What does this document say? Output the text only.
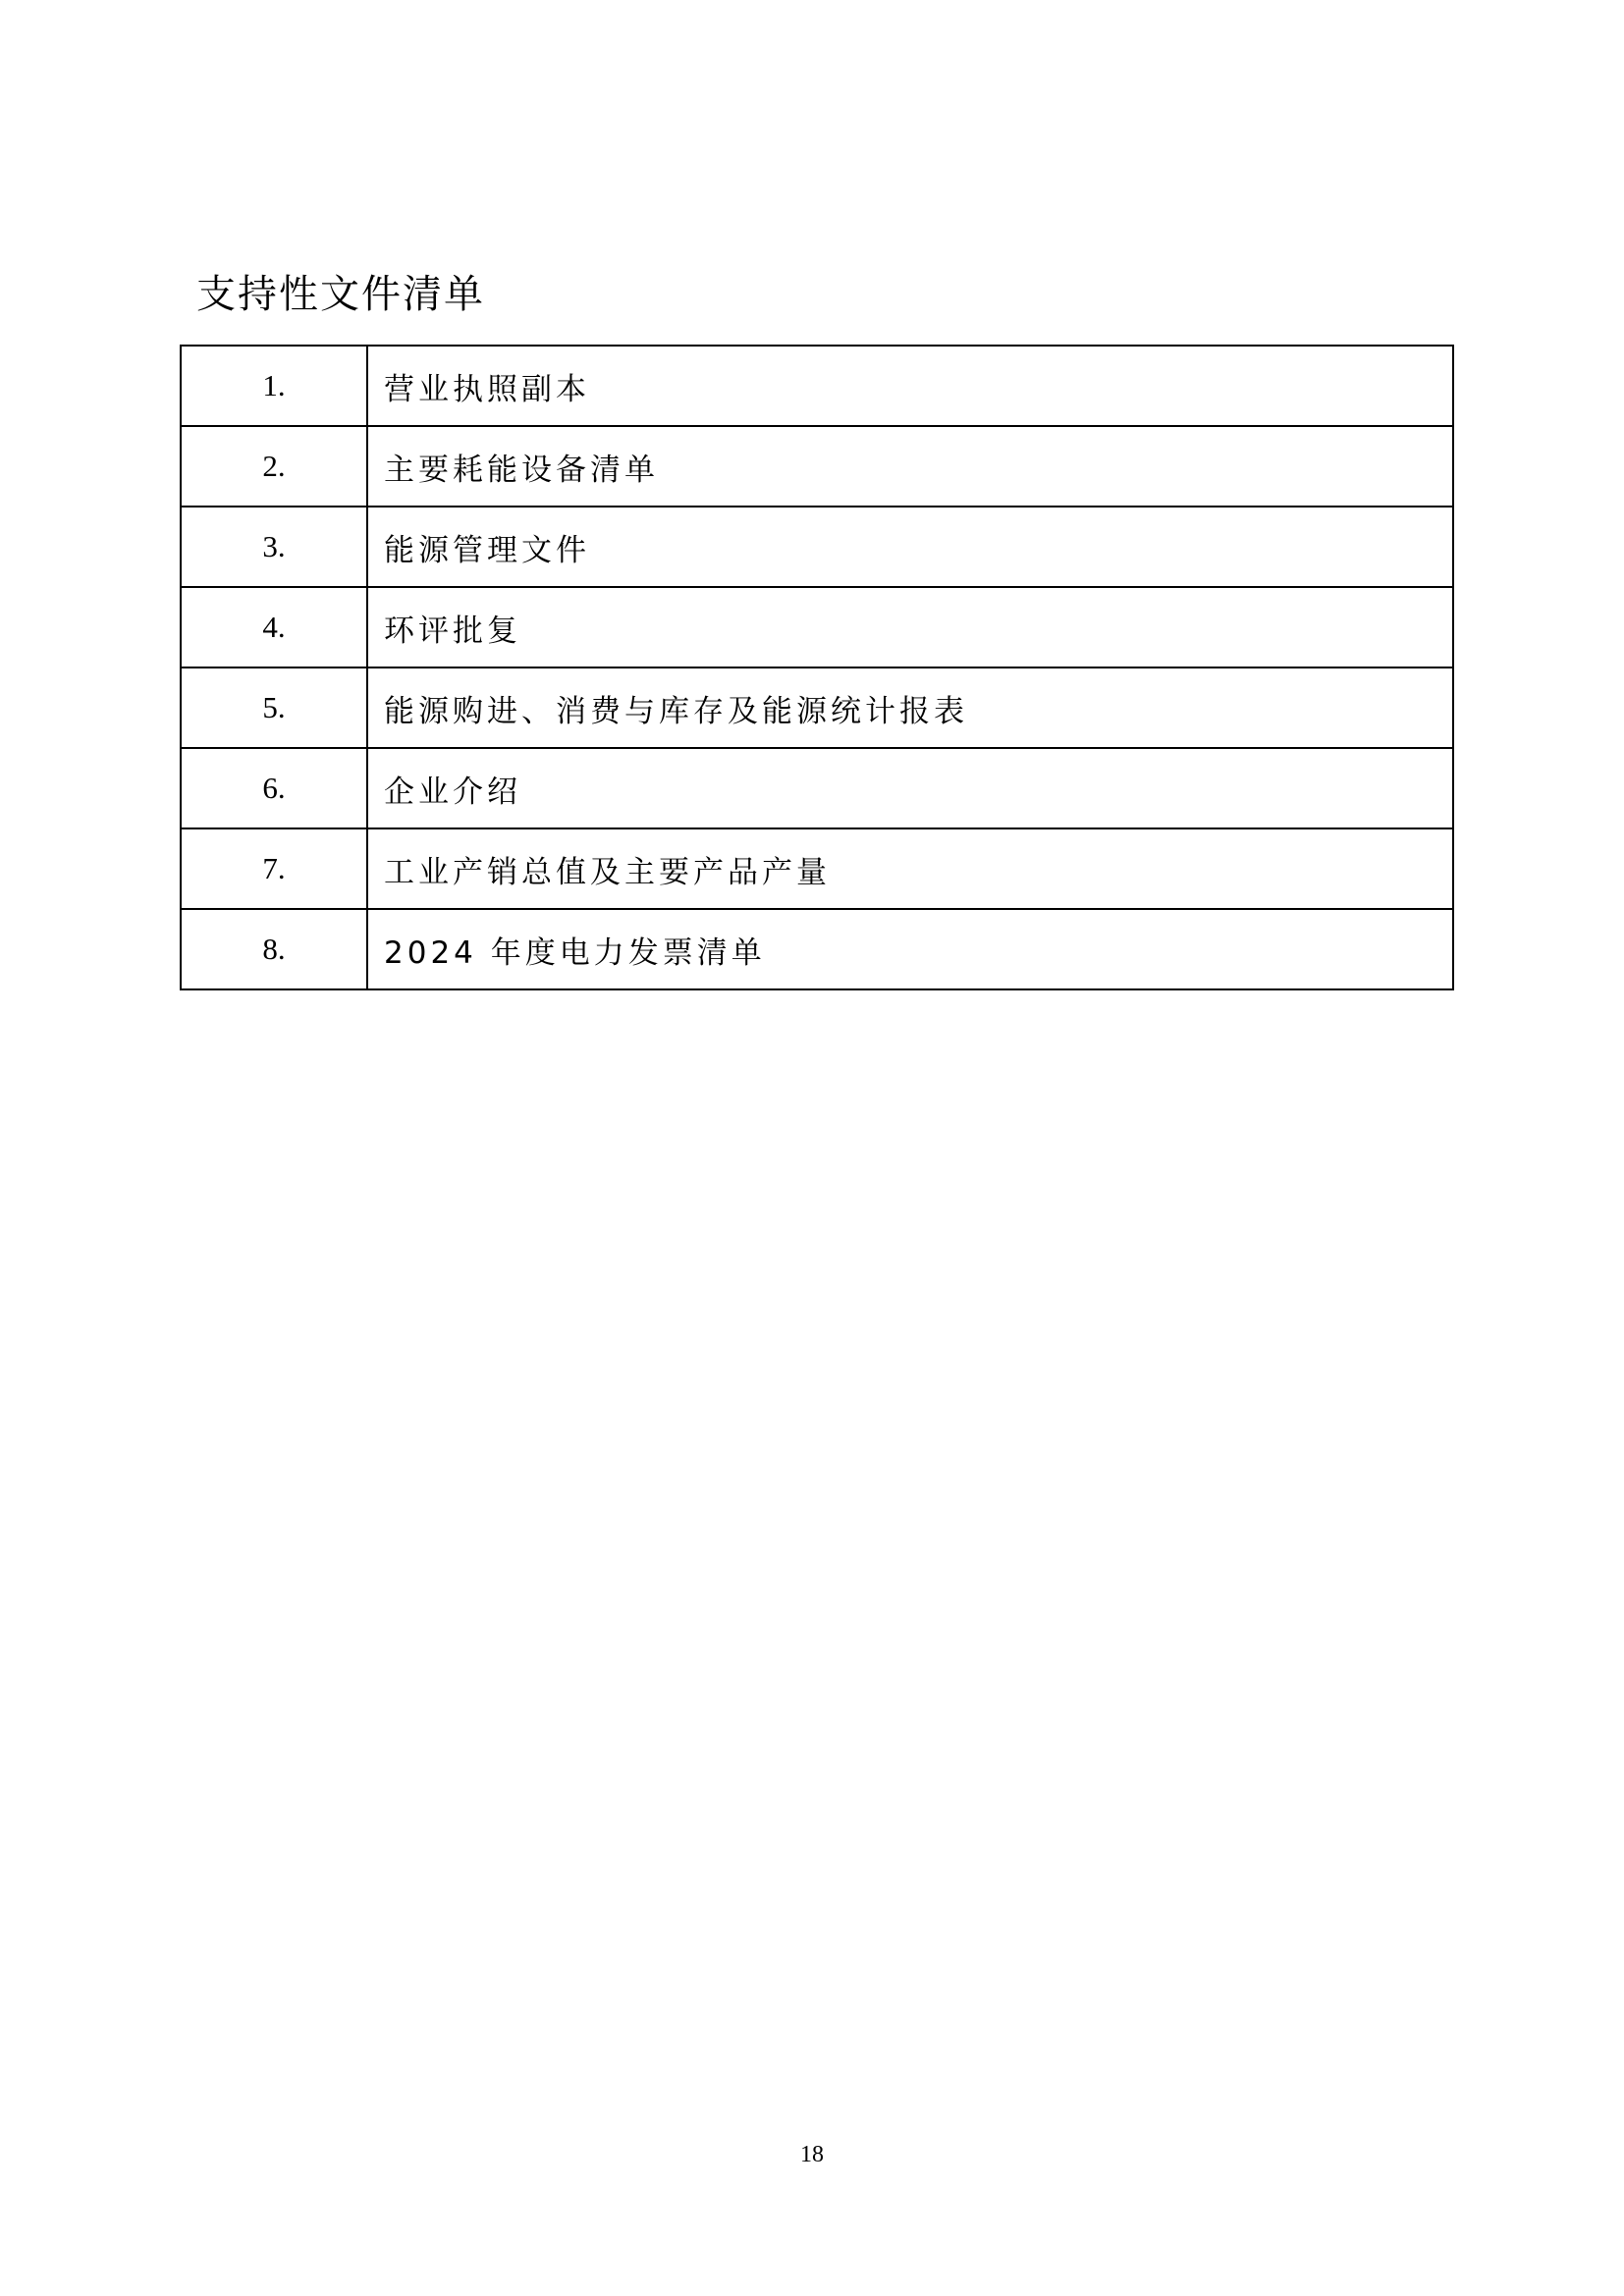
支持性文件清单
1.	营业执照副本
2.	主要耗能设备清单
3.	能源管理文件
4.	环评批复
5.	能源购进、消费与库存及能源统计报表
6.	企业介绍
7.	工业产销总值及主要产品产量
8.	2024 年度电力发票清单
18
